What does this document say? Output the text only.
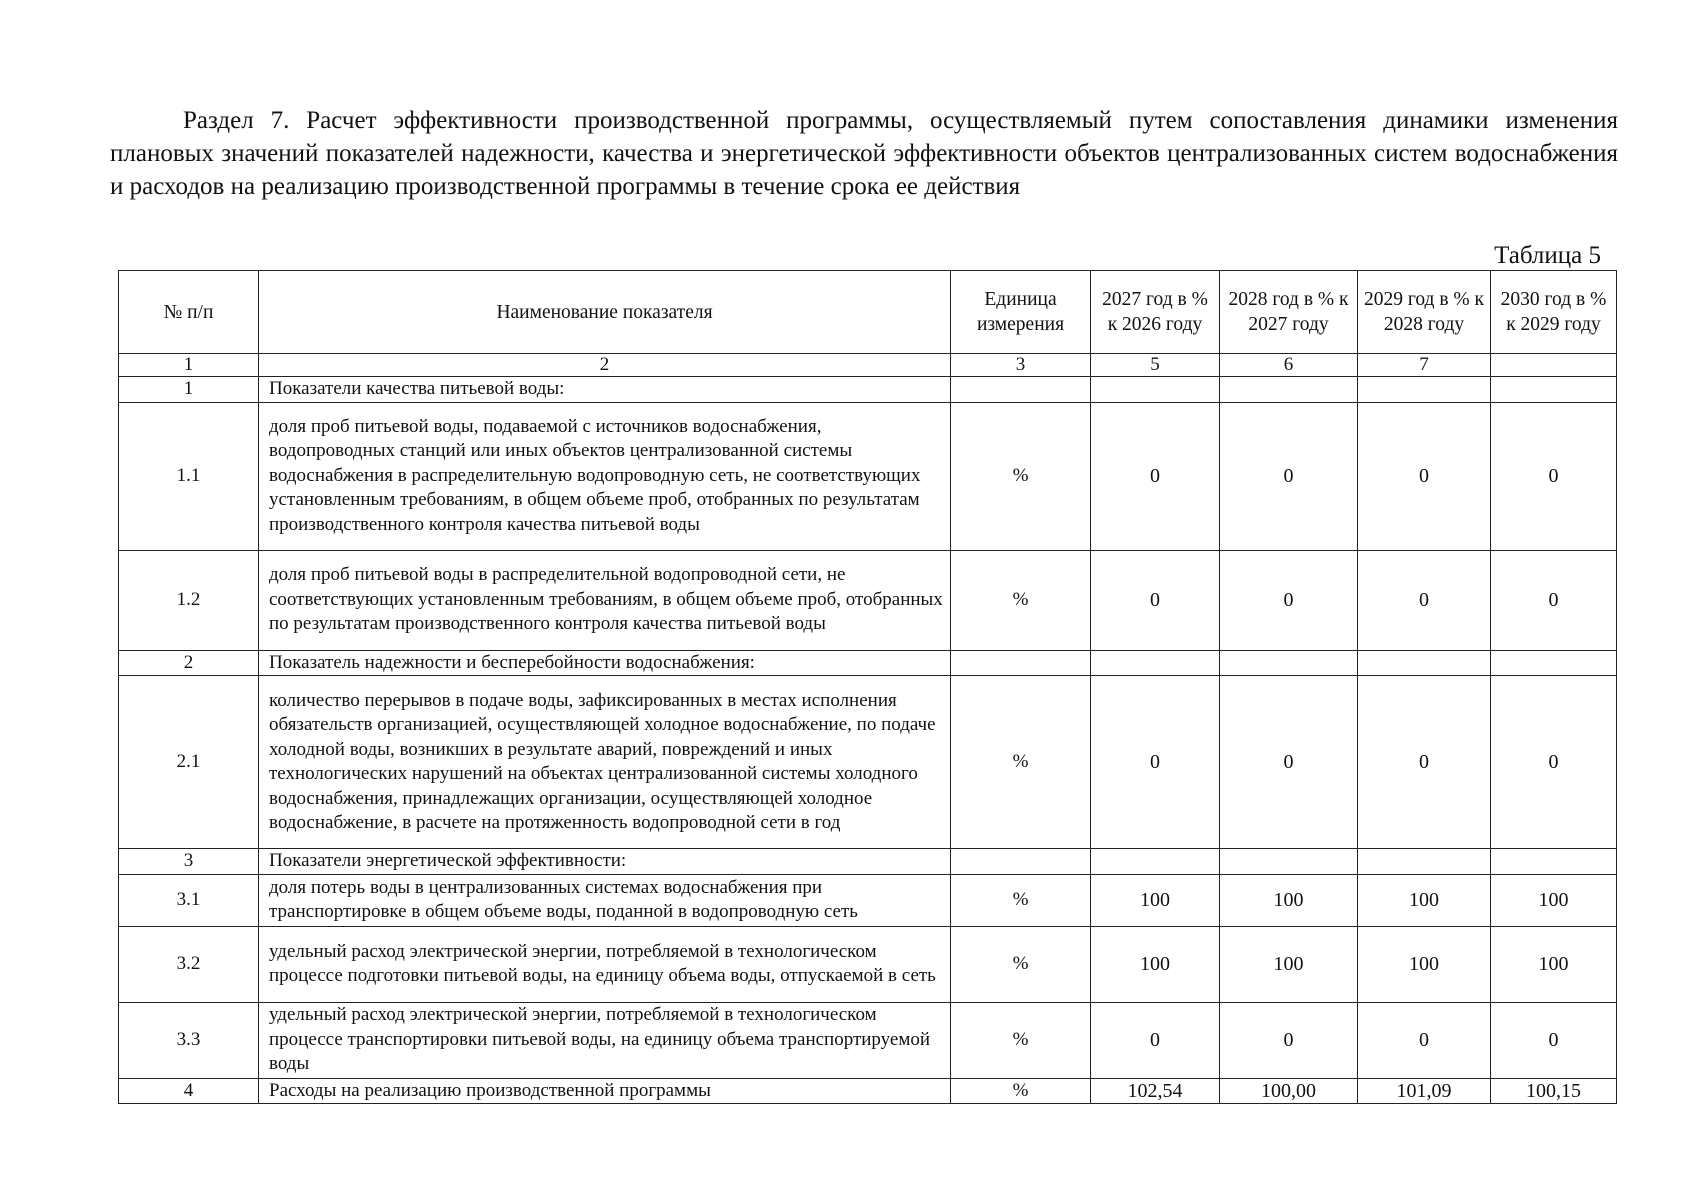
Раздел 7. Расчет эффективности производственной программы, осуществляемый путем сопоставления динамики изменения плановых значений показателей надежности, качества и энергетической эффективности объектов централизованных систем водоснабжения и расходов на реализацию производственной программы в течение срока ее действия
Таблица 5
№ п/п	Наименование показателя	Единица измерения	2027 год в % к 2026 году	2028 год в % к 2027 году	2029 год в % к 2028 году	2030 год в % к 2029 году
1	2	3	5	6	7	
1	Показатели качества питьевой воды:					
1.1	доля проб питьевой воды, подаваемой с источников водоснабжения, водопроводных станций или иных объектов централизованной системы водоснабжения в распределительную водопроводную сеть, не соответствующих установленным требованиям, в общем объеме проб, отобранных по результатам производственного контроля качества питьевой воды	%	0	0	0	0
1.2	доля проб питьевой воды в распределительной водопроводной сети, не соответствующих установленным требованиям, в общем объеме проб, отобранных по результатам производственного контроля качества питьевой воды	%	0	0	0	0
2	Показатель надежности и бесперебойности водоснабжения:					
2.1	количество перерывов в подаче воды, зафиксированных в местах исполнения обязательств организацией, осуществляющей холодное водоснабжение, по подаче холодной воды, возникших в результате аварий, повреждений и иных технологических нарушений на объектах централизованной системы холодного водоснабжения, принадлежащих организации, осуществляющей холодное водоснабжение, в расчете на протяженность водопроводной сети в год	%	0	0	0	0
3	Показатели энергетической эффективности:					
3.1	доля потерь воды в централизованных системах водоснабжения при транспортировке в общем объеме воды, поданной в водопроводную сеть	%	100	100	100	100
3.2	удельный расход электрической энергии, потребляемой в технологическом процессе подготовки питьевой воды, на единицу объема воды, отпускаемой в сеть	%	100	100	100	100
3.3	удельный расход электрической энергии, потребляемой в технологическом процессе транспортировки питьевой воды, на единицу объема транспортируемой воды	%	0	0	0	0
4	Расходы на реализацию производственной программы	%	102,54	100,00	101,09	100,15
